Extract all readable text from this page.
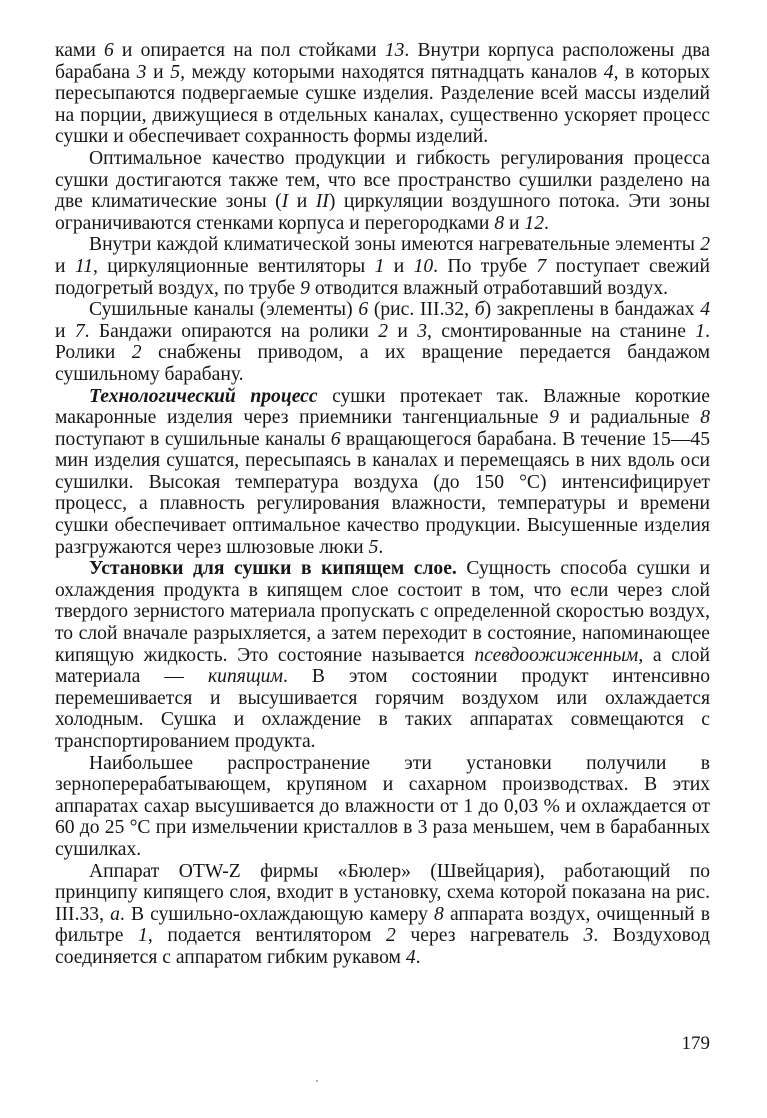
ками 6 и опирается на пол стойками 13. Внутри корпуса расположены два барабана 3 и 5, между которыми находятся пятнадцать каналов 4, в которых пересыпаются подвергаемые сушке изделия. Разделение всей массы изделий на порции, движущиеся в отдельных каналах, существенно ускоряет процесс сушки и обеспечивает сохранность формы изделий.

Оптимальное качество продукции и гибкость регулирования процесса сушки достигаются также тем, что все пространство сушилки разделено на две климатические зоны (I и II) циркуляции воздушного потока. Эти зоны ограничиваются стенками корпуса и перегородками 8 и 12.

Внутри каждой климатической зоны имеются нагревательные элементы 2 и 11, циркуляционные вентиляторы 1 и 10. По трубе 7 поступает свежий подогретый воздух, по трубе 9 отводится влажный отработавший воздух.

Сушильные каналы (элементы) 6 (рис. III.32, б) закреплены в бандажах 4 и 7. Бандажи опираются на ролики 2 и 3, смонтированные на станине 1. Ролики 2 снабжены приводом, а их вращение передается бандажом сушильному барабану.

Технологический процесс сушки протекает так. Влажные короткие макаронные изделия через приемники тангенциальные 9 и радиальные 8 поступают в сушильные каналы 6 вращающегося барабана. В течение 15—45 мин изделия сушатся, пересыпаясь в каналах и перемещаясь в них вдоль оси сушилки. Высокая температура воздуха (до 150 °C) интенсифицирует процесс, а плавность регулирования влажности, температуры и времени сушки обеспечивает оптимальное качество продукции. Высушенные изделия разгружаются через шлюзовые люки 5.

Установки для сушки в кипящем слое. Сущность способа сушки и охлаждения продукта в кипящем слое состоит в том, что если через слой твердого зернистого материала пропускать с определенной скоростью воздух, то слой вначале разрыхляется, а затем переходит в состояние, напоминающее кипящую жидкость. Это состояние называется псевдоожиженным, а слой материала — кипящим. В этом состоянии продукт интенсивно перемешивается и высушивается горячим воздухом или охлаждается холодным. Сушка и охлаждение в таких аппаратах совмещаются с транспортированием продукта.

Наибольшее распространение эти установки получили в зерноперерабатывающем, крупяном и сахарном производствах. В этих аппаратах сахар высушивается до влажности от 1 до 0,03 % и охлаждается от 60 до 25 °C при измельчении кристаллов в 3 раза меньшем, чем в барабанных сушилках.

Аппарат OTW-Z фирмы «Бюлер» (Швейцария), работающий по принципу кипящего слоя, входит в установку, схема которой показана на рис. III.33, а. В сушильно-охлаждающую камеру 8 аппарата воздух, очищенный в фильтре 1, подается вентилятором 2 через нагреватель 3. Воздуховод соединяется с аппаратом гибким рукавом 4.

179
